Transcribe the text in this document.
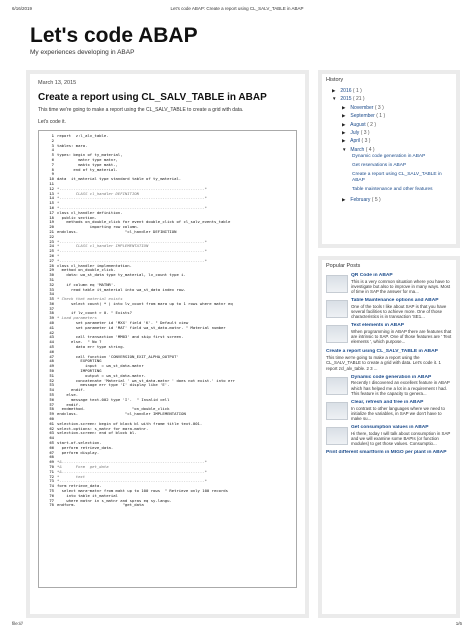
6/16/2019	Let's code ABAP: Create a report using CL_SALV_TABLE in ABAP
Let's code ABAP
My experiences developing in ABAP
March 13, 2015
Create a report using CL_SALV_TABLE in ABAP
This time we're going to make a report using the CL_SALV_TABLE to create a grid with data.
Let's code it.
1 report  z:l_alv_table.
2
3 tables: mara.
4
5 types: begin of ty_material,
6         matnr type matnr,
7         maktx type makt-,
8       end of ty_material.
9
10 data  it_material type standard table of ty_material.
11
12 *--------------------------------------------------------------*
13 *       CLASS cl_handler DEFINITION
14 *--------------------------------------------------------------*
15 *
16 *--------------------------------------------------------------*
17 class cl_handler definition.
18  public section.
19    methods on_double_click for event double_click of cl_salv_events_table
20              importing row column.
21 endclass.                    "cl_handler DEFINITION
22
23 *--------------------------------------------------------------*
24 *       CLASS cl_handler IMPLEMENTATION
25 *--------------------------------------------------------------*
26 *
27 *--------------------------------------------------------------*
28 class cl_handler implementation.
29  method on_double_click.
30    data: wa_st_data type ty_material, lv_count type i.
31
32    if column eq 'MATNR'.
33      read table it_material into wa_st_data index row.
34
35 * Check that material exists
36      select count( * ) into lv_count from mara up to 1 rows where matnr eq
37
38      if lv_count > 0. " Exists?
39 * Load parameters
40        set parameter id 'MXX' field 'K'. " Default view
41        set parameter id 'MAT' field wa_st_data-matnr. " Material number
42
43        call transaction 'MM03' and skip first screen.
44      else.  " No ?
45        data err type string.
46
47        call function 'CONVERSION_EXIT_ALPHA_OUTPUT'
48          EXPORTING
49            input  = wa_st_data-matnr
50          IMPORTING
51            output = wa_st_data-matnr.
52        concatenate 'Material ' wa_st_data-matnr ' does not exist.' into err
53          message err type 'I' display like 'E'.
54      endif.
55    else.
56      message text-002 type 'I'.  " Invalid cell
57    endif.
58  endmethod.                    "on_double_click
59 endclass.                    "cl_handler IMPLEMENTATION
60
61 selection-screen: begin of block bl with frame title text-001.
62 select-options: s_matnr for mara-matnr.
63 selection-screen: end of block bl.
64
65 start-of-selection.
66  perform retrieve_data.
67  perform display.
68
69 *&-------------------------------------------------------------*
70 *&      Form  get_data
71 *&-------------------------------------------------------------*
72 *       text
73 *--------------------------------------------------------------*
74 form retrieve_data.
75  select mara~matnr from makt up to 100 rows  " Retrieve only 100 records
76    into table it_material
77    where matnr in s_matnr and spras eq sy-langu.
78 endform.                    "get_data
History
▶ 2016 ( 1 )
▼ 2015 ( 21 )
▶ November ( 3 )
▶ September ( 1 )
▶ August ( 2 )
▶ July ( 3 )
▶ April ( 3 )
▼ March ( 4 )
Dynamic code generation in ABAP
Get reservations in ABAP
Create a report using CL_SALV_TABLE in ABAP
Table maintenance and other features
▶ February ( 5 )
Popular Posts
QR Code in ABAP
This is a very common situation where you have to investigate but also to improve in many ways. Most of time in SAP the answer for ma...
Table Maintenance options and ABAP
One of the tools I like about SAP is that you have several facilities to achieve more. One of those characteristics is in transaction 'SE1...
Text elements in ABAP
When programming in ABAP there are features that are intrinsic to SAP. One of those features are ' Text elements ', which purpose...
Create a report using CL_SALV_TABLE in ABAP
This time we're going to make a report using the CL_SALV_TABLE to create a grid with data. Let's code it. 1 report zcl_alv_table. 2 3 ...
Dynamic code generation in ABAP
Recently I discovered an excellent feature in ABAP which has helped me a lot in a requirement I had. This feature is the capacity to genera...
Clear, refresh and free in ABAP
In contrast to other languages where we need to initialize the variables, in SAP we don't have to make su...
Get consumption values in ABAP
Hi there, today I will talk about consumption in SAP and we will examine some BAPIs (or function modules) to get those values. Consumptio...
Print different smartform in MIGO per plant in ABAP
file:///	1/6
